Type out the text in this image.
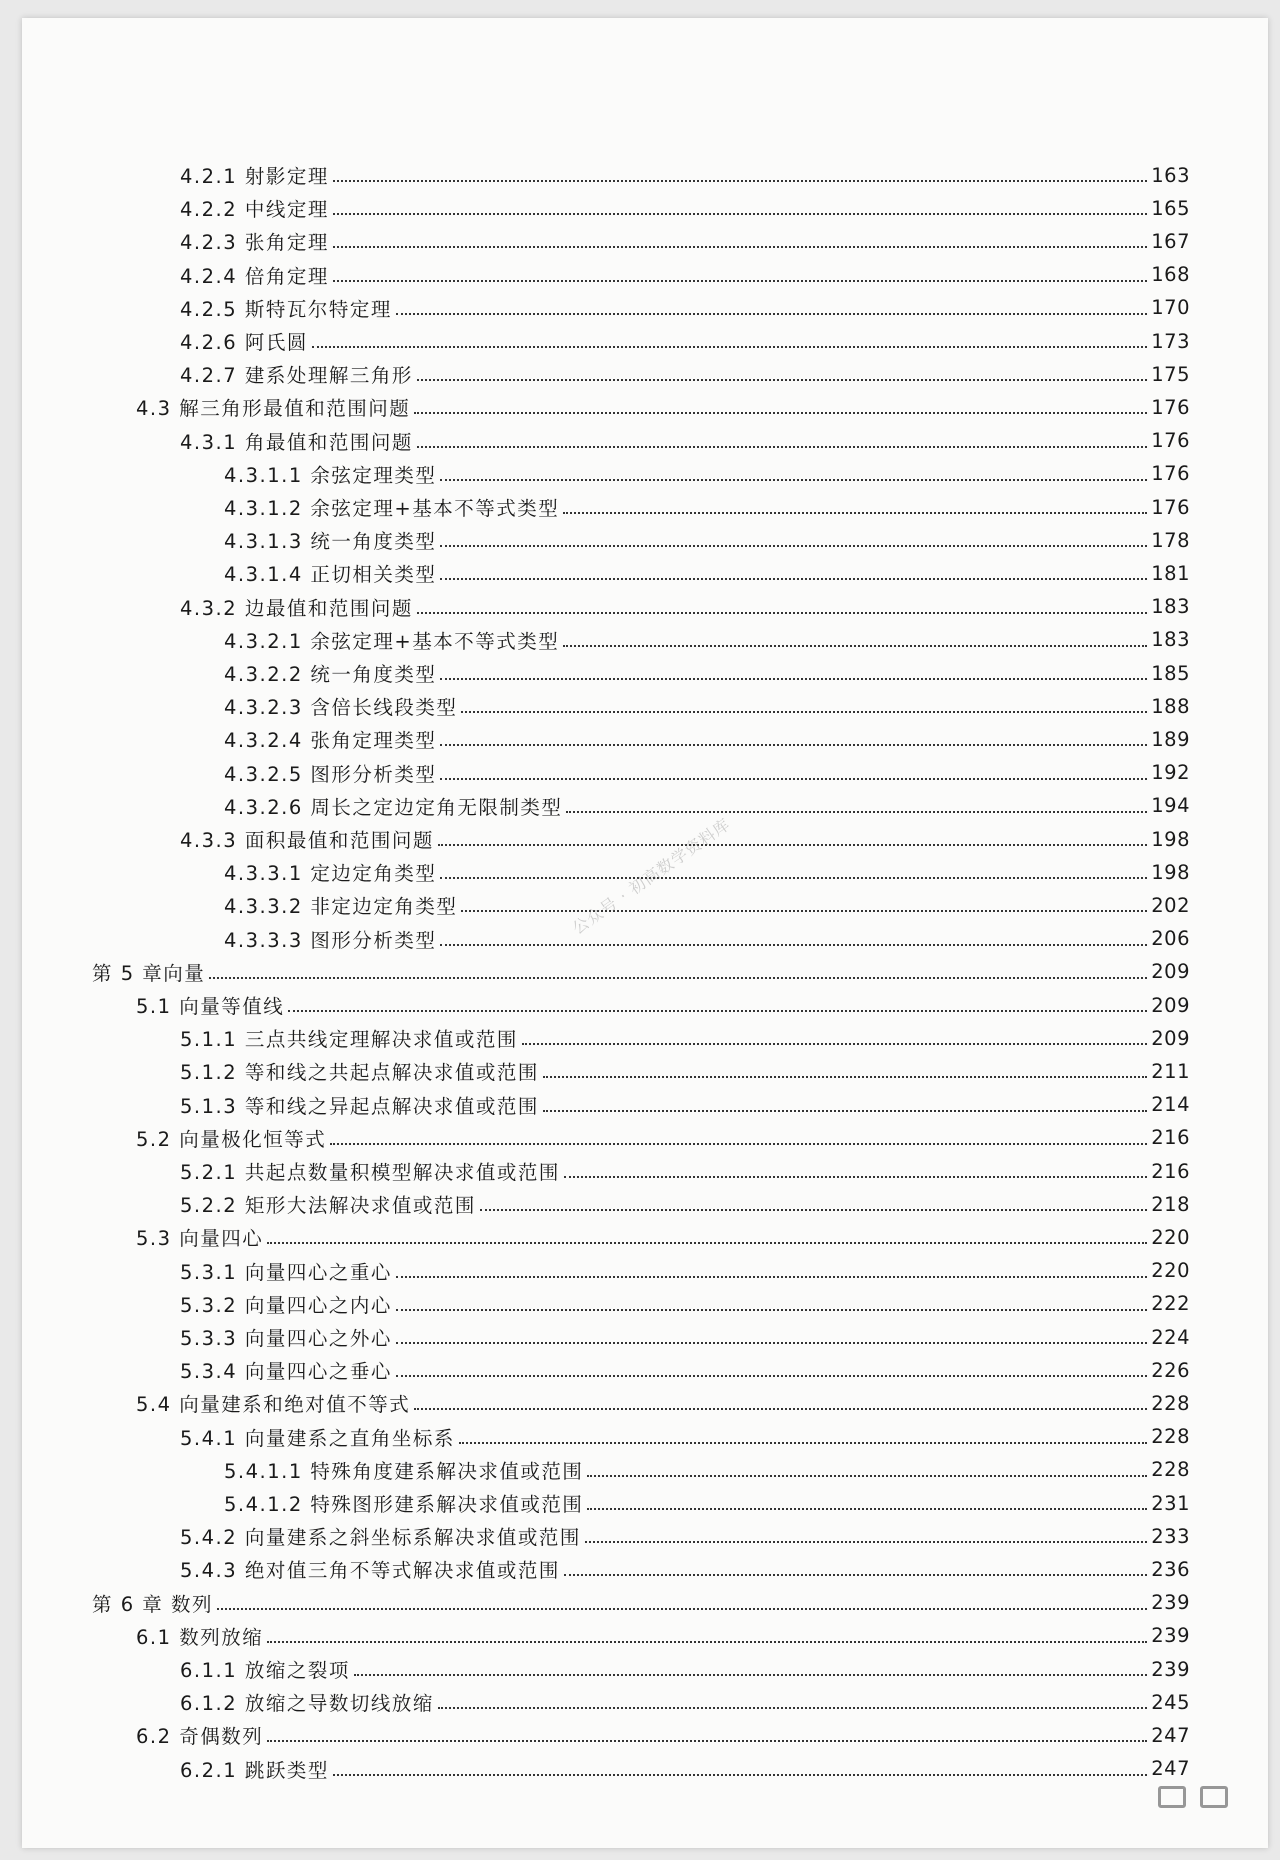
4.2.1 射影定理	163
4.2.2 中线定理	165
4.2.3 张角定理	167
4.2.4 倍角定理	168
4.2.5 斯特瓦尔特定理	170
4.2.6 阿氏圆	173
4.2.7 建系处理解三角形	175
4.3 解三角形最值和范围问题	176
4.3.1 角最值和范围问题	176
4.3.1.1 余弦定理类型	176
4.3.1.2 余弦定理+基本不等式类型	176
4.3.1.3 统一角度类型	178
4.3.1.4 正切相关类型	181
4.3.2 边最值和范围问题	183
4.3.2.1 余弦定理+基本不等式类型	183
4.3.2.2 统一角度类型	185
4.3.2.3 含倍长线段类型	188
4.3.2.4 张角定理类型	189
4.3.2.5 图形分析类型	192
4.3.2.6 周长之定边定角无限制类型	194
4.3.3 面积最值和范围问题	198
4.3.3.1 定边定角类型	198
4.3.3.2 非定边定角类型	202
4.3.3.3 图形分析类型	206
第 5 章向量	209
5.1 向量等值线	209
5.1.1 三点共线定理解决求值或范围	209
5.1.2 等和线之共起点解决求值或范围	211
5.1.3 等和线之异起点解决求值或范围	214
5.2 向量极化恒等式	216
5.2.1 共起点数量积模型解决求值或范围	216
5.2.2 矩形大法解决求值或范围	218
5.3 向量四心	220
5.3.1 向量四心之重心	220
5.3.2 向量四心之内心	222
5.3.3 向量四心之外心	224
5.3.4 向量四心之垂心	226
5.4 向量建系和绝对值不等式	228
5.4.1 向量建系之直角坐标系	228
5.4.1.1 特殊角度建系解决求值或范围	228
5.4.1.2 特殊图形建系解决求值或范围	231
5.4.2 向量建系之斜坐标系解决求值或范围	233
5.4.3 绝对值三角不等式解决求值或范围	236
第 6 章 数列	239
6.1 数列放缩	239
6.1.1 放缩之裂项	239
6.1.2 放缩之导数切线放缩	245
6.2 奇偶数列	247
6.2.1 跳跃类型	247
公众号 · 初高数学资料库
